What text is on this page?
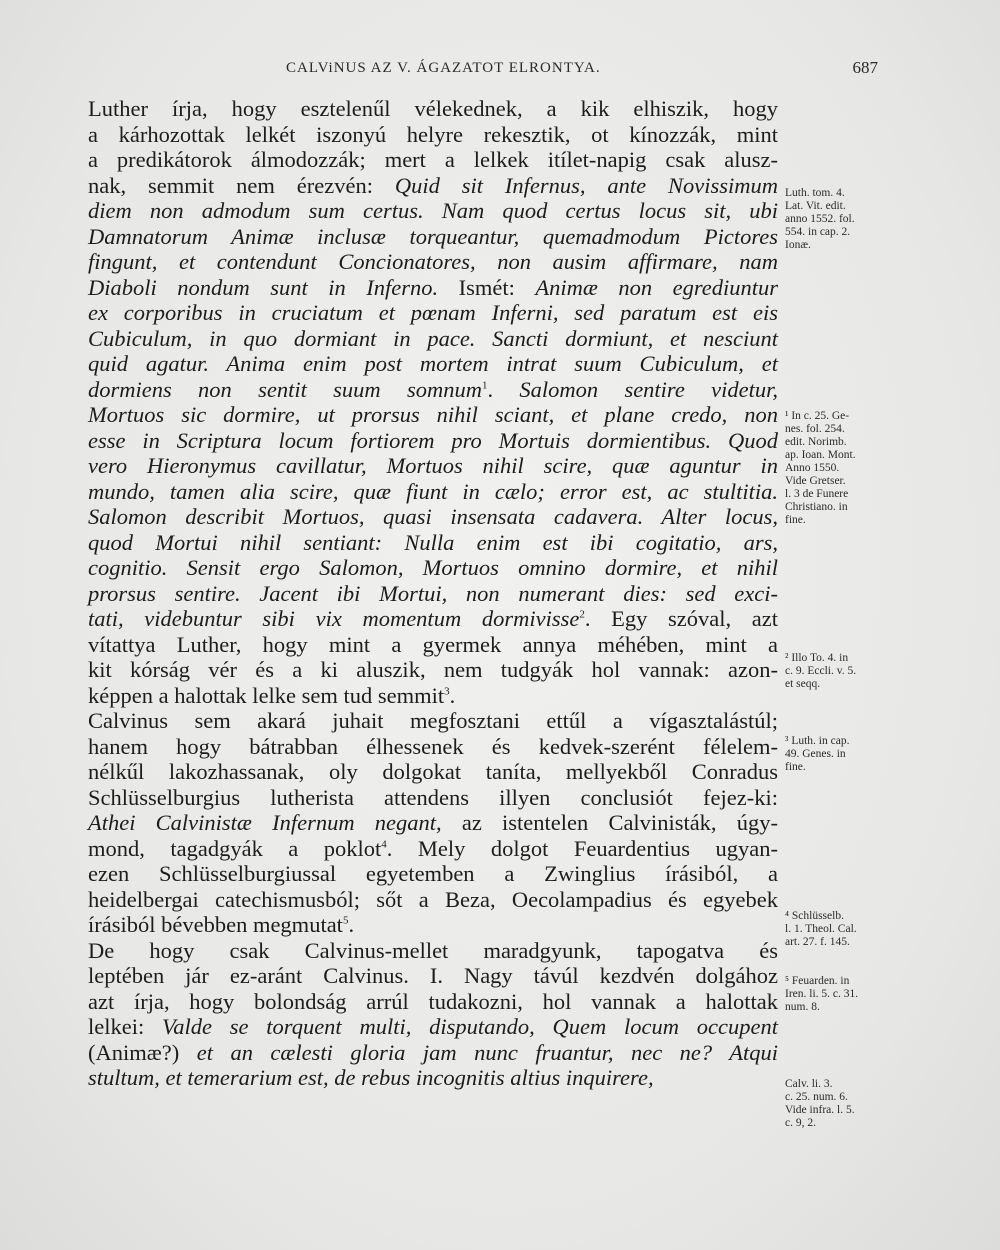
CALViNUS AZ V. ÁGAZATOT ELRONTYA.	687
Luther írja, hogy esztelenűl vélekednek, a kik elhiszik, hogy
a kárhozottak lelkét iszonyú helyre rekesztik, ot kínozzák, mint
a predikátorok álmodozzák; mert a lelkek itílet-napig csak alusz-
nak, semmit nem érezvén: Quid sit Infernus, ante Novissimum
diem non admodum sum certus. Nam quod certus locus sit, ubi
Damnatorum Animæ inclusæ torqueantur, quemadmodum Pictores
fingunt, et contendunt Concionatores, non ausim affirmare, nam
Diaboli nondum sunt in Inferno. Ismét: Animæ non egrediuntur
ex corporibus in cruciatum et pœnam Inferni, sed paratum est eis
Cubiculum, in quo dormiant in pace. Sancti dormiunt, et nesciunt
quid agatur. Anima enim post mortem intrat suum Cubiculum, et
dormiens non sentit suum somnum$^1$. Salomon sentire videtur,
Mortuos sic dormire, ut prorsus nihil sciant, et plane credo, non
esse in Scriptura locum fortiorem pro Mortuis dormientibus. Quod
vero Hieronymus cavillatur, Mortuos nihil scire, quæ aguntur in
mundo, tamen alia scire, quæ fiunt in cælo; error est, ac stultitia.
Salomon describit Mortuos, quasi insensata cadavera. Alter locus,
quod Mortui nihil sentiant: Nulla enim est ibi cogitatio, ars,
cognitio. Sensit ergo Salomon, Mortuos omnino dormire, et nihil
prorsus sentire. Jacent ibi Mortui, non numerant dies: sed exci-
tati, videbuntur sibi vix momentum dormivisse$^2$. Egy szóval, azt
vítattya Luther, hogy mint a gyermek annya méhében, mint a
kit kórság vér és a ki aluszik, nem tudgyák hol vannak: azon-
képpen a halottak lelke sem tud semmit$^3$.
Calvinus sem akará juhait megfosztani ettűl a vígasztalástúl;
hanem hogy bátrabban élhessenek és kedvek-szerént félelem-
nélkűl lakozhassanak, oly dolgokat taníta, mellyekből Conradus
Schlüsselburgius lutherista attendens illyen conclusiót fejez-ki:
Athei Calvinistæ Infernum negant, az istentelen Calvinisták, úgy-
mond, tagadgyák a poklot$^4$. Mely dolgot Feuardentius ugyan-
ezen Schlüsselburgiussal egyetemben a Zwinglius írásiból, a
heidelbergai catechismusból; sőt a Beza, Oecolampadius és egyebek
írásiból bévebben megmutat$^5$.
De hogy csak Calvinus-mellet maradgyunk, tapogatva és
leptében jár ez-aránt Calvinus. I. Nagy távúl kezdvén dolgához
azt írja, hogy bolondság arrúl tudakozni, hol vannak a halottak
lelkei: Valde se torquent multi, disputando, Quem locum occupent
(Animæ?) et an cælesti gloria jam nunc fruantur, nec ne? Atqui
stultum, et temerarium est, de rebus incognitis altius inquirere,
Luth. tom. 4.
Lat. Vit. edit.
anno 1552. fol.
554. in cap. 2.
Ionæ.
¹ In c. 25. Ge-
nes. fol. 254.
edit. Norimb.
ap. Ioan. Mont.
Anno 1550.
Vide Gretser.
l. 3 de Funere
Christiano. in
fine.
² Illo To. 4. in
c. 9. Eccli. v. 5.
et seqq.
³ Luth. in cap.
49. Genes. in
fine.
⁴ Schlüsselb.
l. 1. Theol. Cal.
art. 27. f. 145.
⁵ Feuarden. in
Iren. li. 5. c. 31.
num. 8.
Calv. li. 3.
c. 25. num. 6.
Vide infra. l. 5.
c. 9, 2.
